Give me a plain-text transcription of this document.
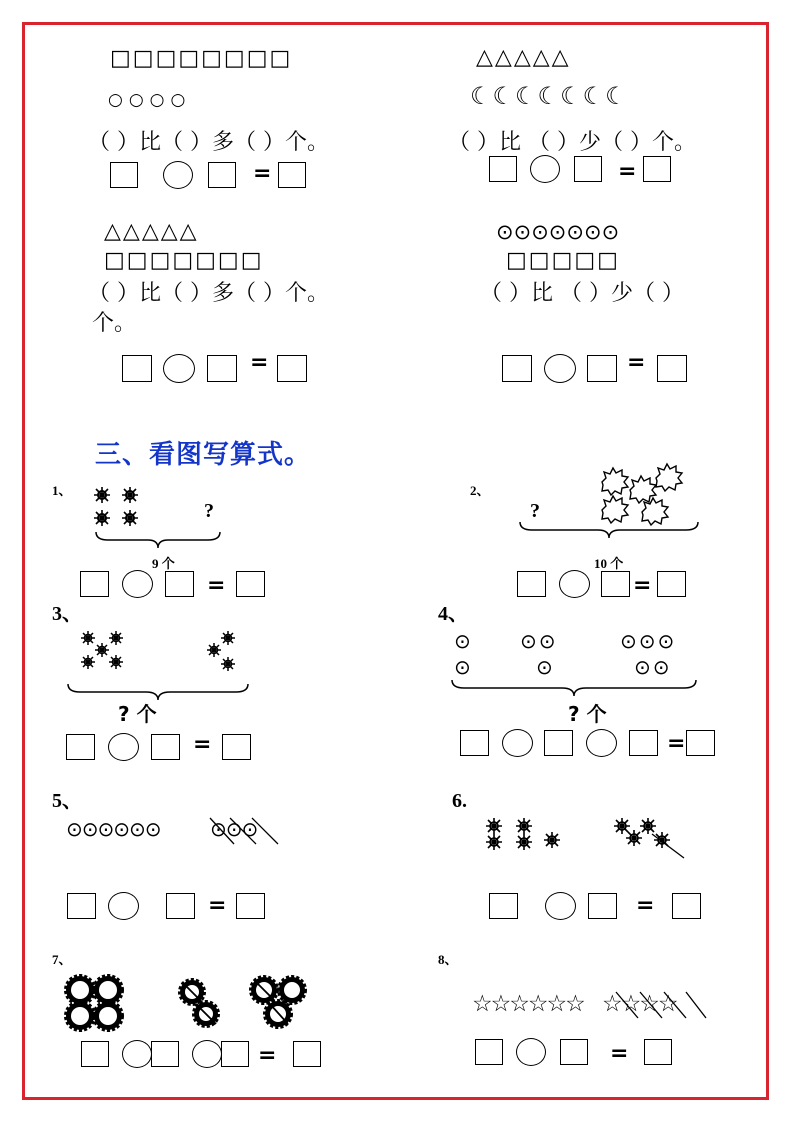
□□□□□□□□
○○○○
（ ）比（ ）多（ ）个。
=
△△△△△
☾☾☾☾☾☾☾
（ ）比 （ ）少（ ）个。
=
△△△△△
□□□□□□□
（ ）比（ ）多（ ）个。
个。
=
⊙⊙⊙⊙⊙⊙⊙
□□□□□
（ ）比 （ ）少（ ）
=
三、看图写算式。
1、
?
9 个
=
2、
?
10 个
=
3、
? 个
=
4、
⊙ ⊙⊙	⊙⊙⊙
⊙	⊙	⊙⊙
? 个
=
5、
⊙⊙⊙⊙⊙⊙ ⊙⊙⊙
=
6.
=
7、
=
8、
☆☆☆☆☆☆ ☆☆☆☆
=
